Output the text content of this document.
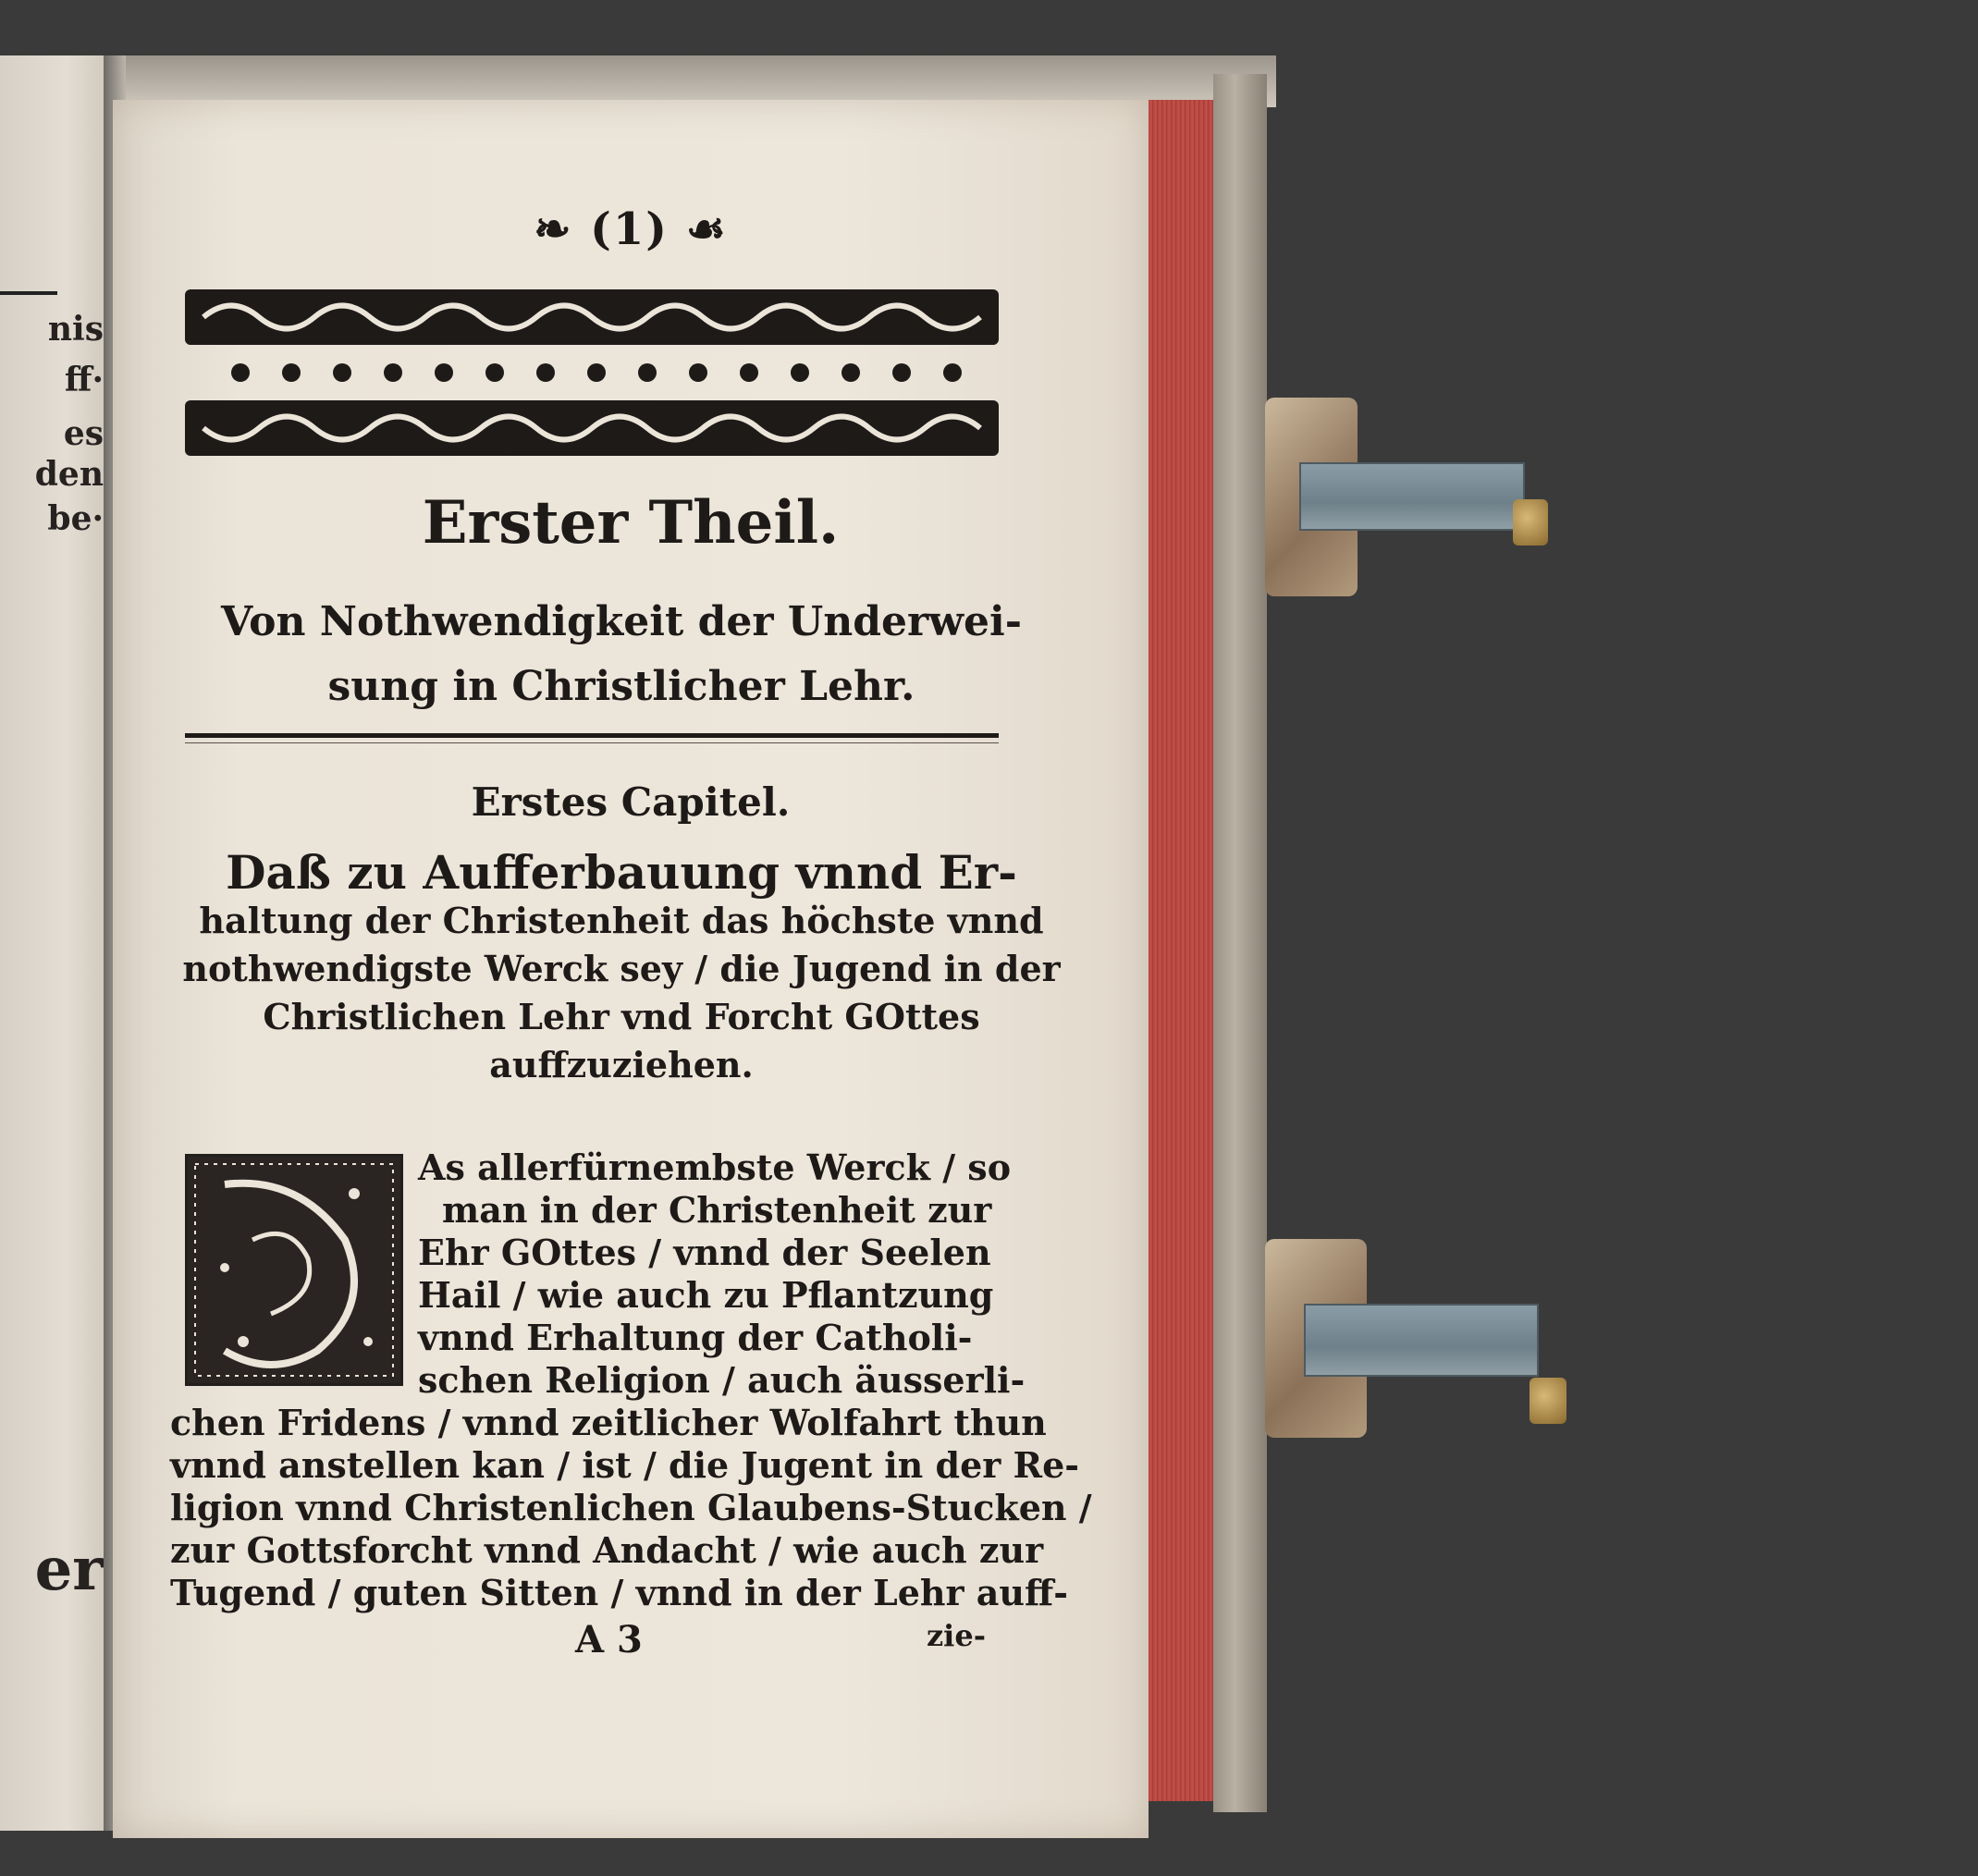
nis
ff·
es
den
be·
er
❧ (1) ☙
Erster Theil.
Von Nothwendigkeit der Underwei- sung in Christlicher Lehr.
Erstes Capitel.
Daß zu Aufferbauung vnnd Er-
haltung der Christenheit das höchste vnnd
nothwendigste Werck sey / die Jugend in der
Christlichen Lehr vnd Forcht GOttes
auffzuziehen.
As allerfürnembste Werck / so
man in der Christenheit zur
Ehr GOttes / vnnd der Seelen
Hail / wie auch zu Pflantzung
vnnd Erhaltung der Catholi-
schen Religion / auch äusserli-
chen Fridens / vnnd zeitlicher Wolfahrt thun
vnnd anstellen kan / ist / die Jugent in der Re-
ligion vnnd Christenlichen Glaubens-Stucken /
zur Gottsforcht vnnd Andacht / wie auch zur
Tugend / guten Sitten / vnnd in der Lehr auff-
A 3	zie-
